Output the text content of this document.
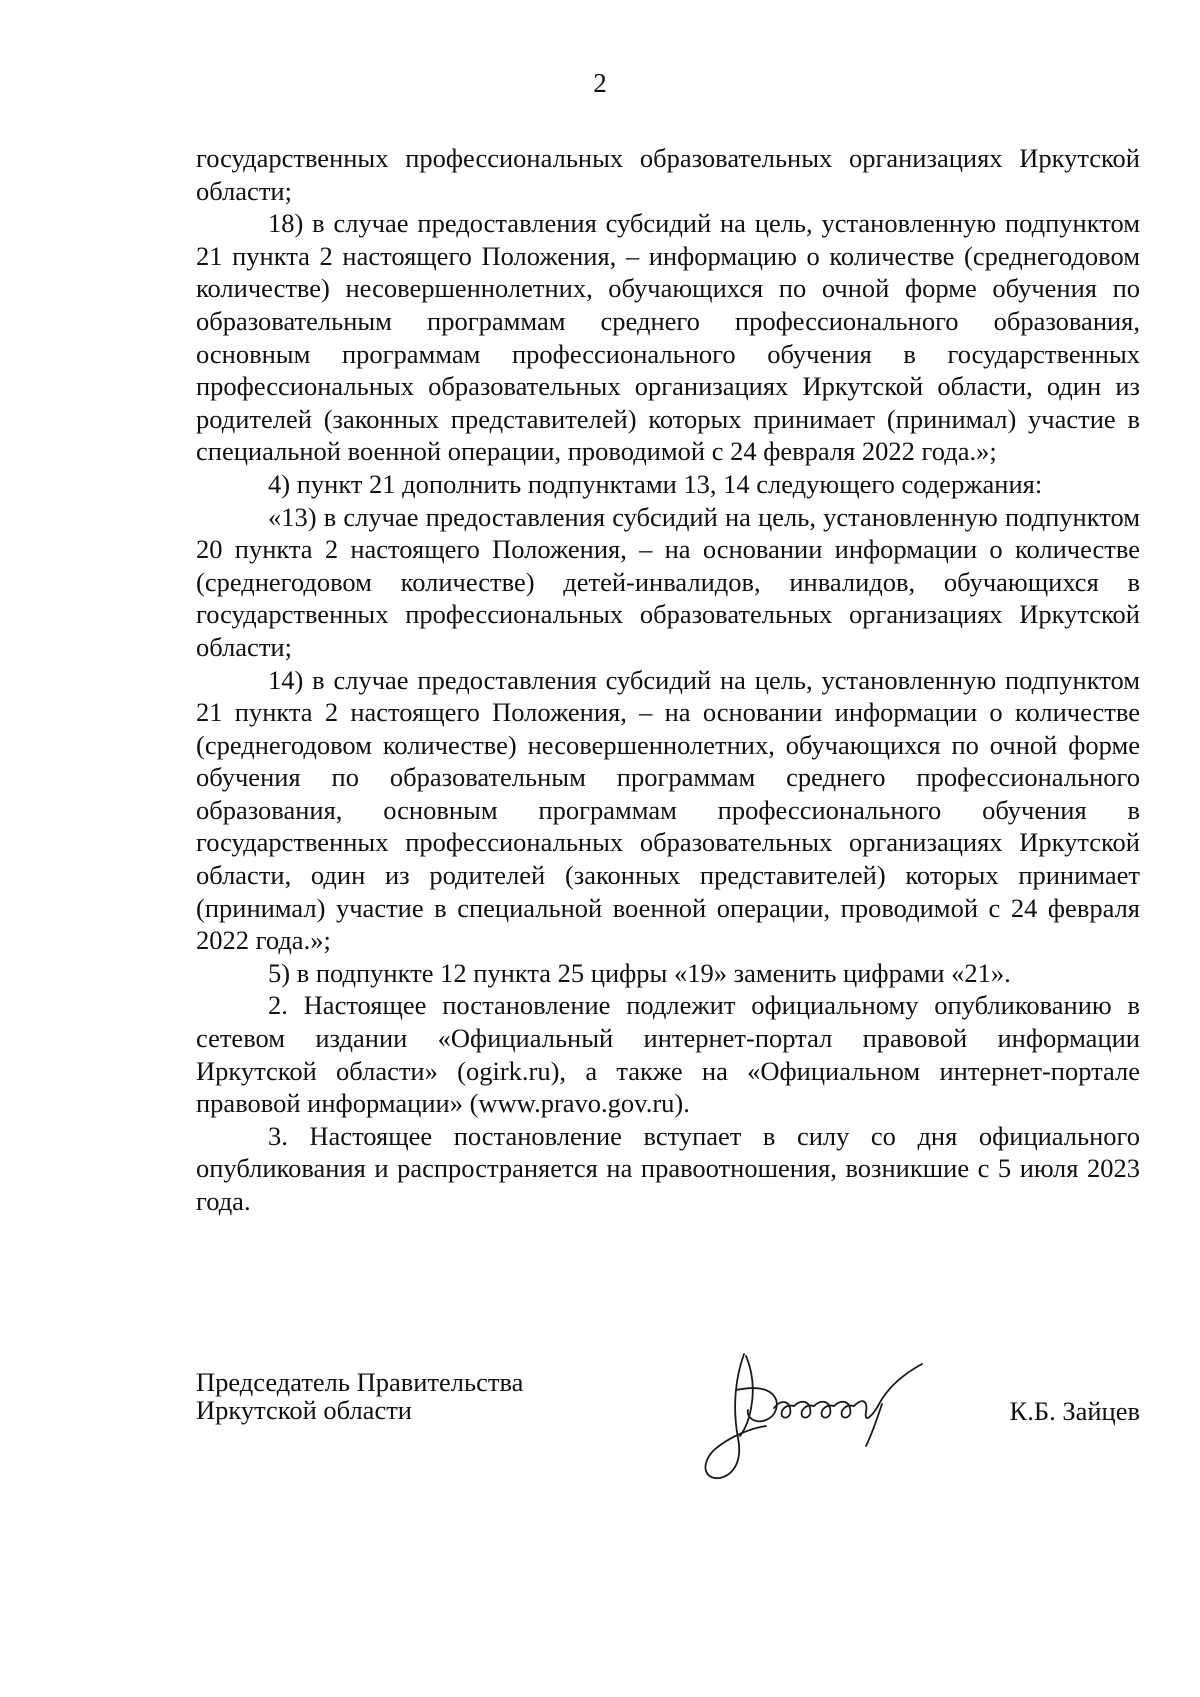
2

государственных профессиональных образовательных организациях Иркутской области;

18) в случае предоставления субсидий на цель, установленную подпунктом 21 пункта 2 настоящего Положения, – информацию о количестве (среднегодовом количестве) несовершеннолетних, обучающихся по очной форме обучения по образовательным программам среднего профессионального образования, основным программам профессионального обучения в государственных профессиональных образовательных организациях Иркутской области, один из родителей (законных представителей) которых принимает (принимал) участие в специальной военной операции, проводимой с 24 февраля 2022 года.»;

4) пункт 21 дополнить подпунктами 13, 14 следующего содержания:

«13) в случае предоставления субсидий на цель, установленную подпунктом 20 пункта 2 настоящего Положения, – на основании информации о количестве (среднегодовом количестве) детей-инвалидов, инвалидов, обучающихся в государственных профессиональных образовательных организациях Иркутской области;

14) в случае предоставления субсидий на цель, установленную подпунктом 21 пункта 2 настоящего Положения, – на основании информации о количестве (среднегодовом количестве) несовершеннолетних, обучающихся по очной форме обучения по образовательным программам среднего профессионального образования, основным программам профессионального обучения в государственных профессиональных образовательных организациях Иркутской области, один из родителей (законных представителей) которых принимает (принимал) участие в специальной военной операции, проводимой с 24 февраля 2022 года.»;

5) в подпункте 12 пункта 25 цифры «19» заменить цифрами «21».

2. Настоящее постановление подлежит официальному опубликованию в сетевом издании «Официальный интернет-портал правовой информации Иркутской области» (ogirk.ru), а также на «Официальном интернет-портале правовой информации» (www.pravo.gov.ru).

3. Настоящее постановление вступает в силу со дня официального опубликования и распространяется на правоотношения, возникшие с 5 июля 2023 года.

Председатель Правительства
Иркутской области	К.Б. Зайцев
